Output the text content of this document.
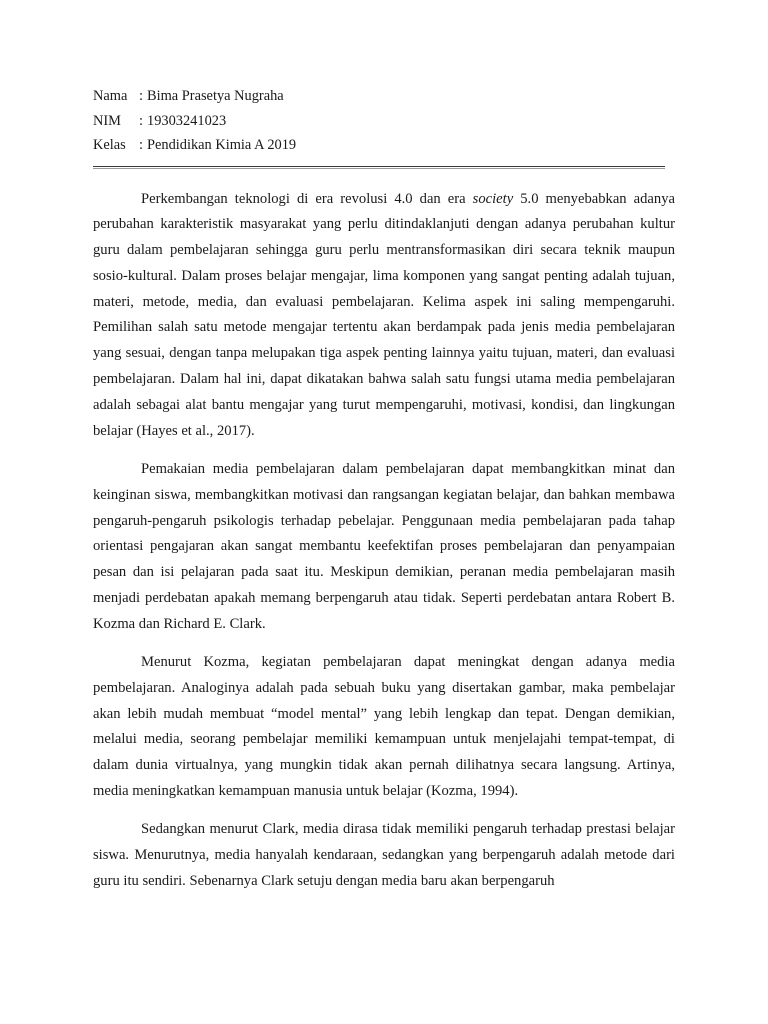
Nama : Bima Prasetya Nugraha
NIM	: 19303241023
Kelas : Pendidikan Kimia A 2019

Perkembangan teknologi di era revolusi 4.0 dan era society 5.0 menyebabkan adanya perubahan karakteristik masyarakat yang perlu ditindaklanjuti dengan adanya perubahan kultur guru dalam pembelajaran sehingga guru perlu mentransformasikan diri secara teknik maupun sosio-kultural. Dalam proses belajar mengajar, lima komponen yang sangat penting adalah tujuan, materi, metode, media, dan evaluasi pembelajaran. Kelima aspek ini saling mempengaruhi. Pemilihan salah satu metode mengajar tertentu akan berdampak pada jenis media pembelajaran yang sesuai, dengan tanpa melupakan tiga aspek penting lainnya yaitu tujuan, materi, dan evaluasi pembelajaran. Dalam hal ini, dapat dikatakan bahwa salah satu fungsi utama media pembelajaran adalah sebagai alat bantu mengajar yang turut mempengaruhi, motivasi, kondisi, dan lingkungan belajar (Hayes et al., 2017).

Pemakaian media pembelajaran dalam pembelajaran dapat membangkitkan minat dan keinginan siswa, membangkitkan motivasi dan rangsangan kegiatan belajar, dan bahkan membawa pengaruh-pengaruh psikologis terhadap pebelajar. Penggunaan media pembelajaran pada tahap orientasi pengajaran akan sangat membantu keefektifan proses pembelajaran dan penyampaian pesan dan isi pelajaran pada saat itu. Meskipun demikian, peranan media pembelajaran masih menjadi perdebatan apakah memang berpengaruh atau tidak. Seperti perdebatan antara Robert B. Kozma dan Richard E. Clark.

Menurut Kozma, kegiatan pembelajaran dapat meningkat dengan adanya media pembelajaran. Analoginya adalah pada sebuah buku yang disertakan gambar, maka pembelajar akan lebih mudah membuat “model mental” yang lebih lengkap dan tepat. Dengan demikian, melalui media, seorang pembelajar memiliki kemampuan untuk menjelajahi tempat-tempat, di dalam dunia virtualnya, yang mungkin tidak akan pernah dilihatnya secara langsung. Artinya, media meningkatkan kemampuan manusia untuk belajar (Kozma, 1994).

Sedangkan menurut Clark, media dirasa tidak memiliki pengaruh terhadap prestasi belajar siswa. Menurutnya, media hanyalah kendaraan, sedangkan yang berpengaruh adalah metode dari guru itu sendiri. Sebenarnya Clark setuju dengan media baru akan berpengaruh
